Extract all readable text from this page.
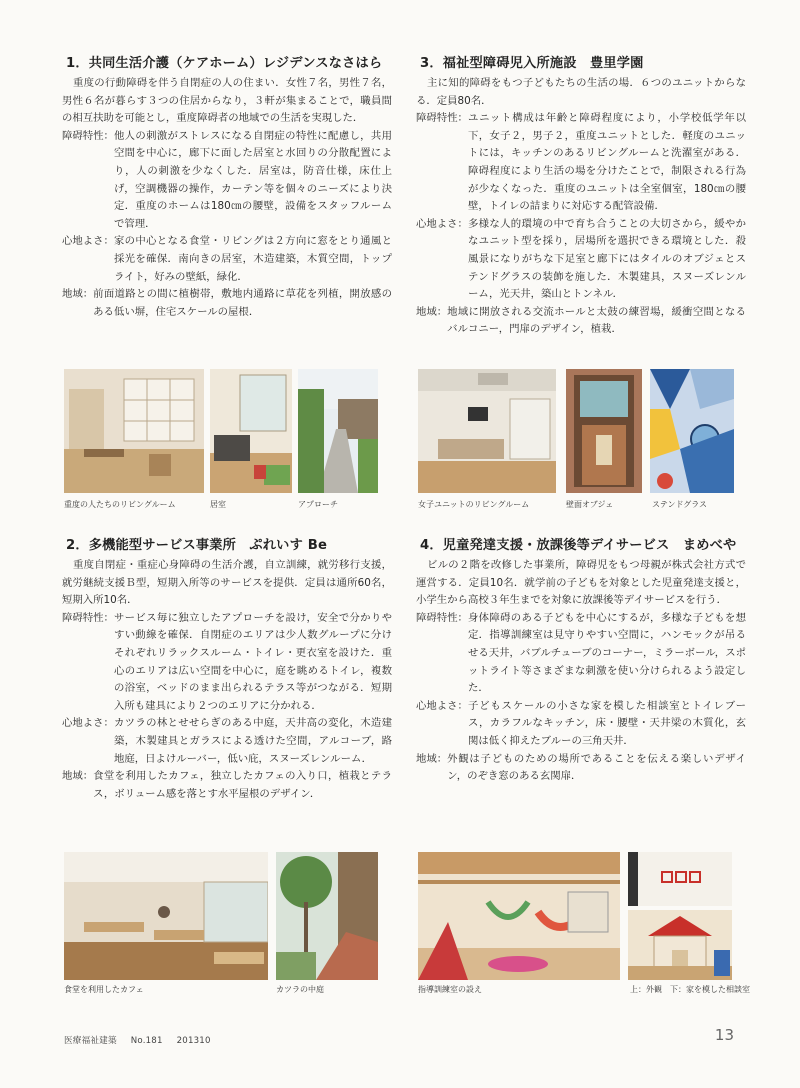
1．共同生活介護（ケアホーム）レジデンスなさはら

重度の行動障碍を伴う自閉症の人の住まい．女性７名，男性７名，男性６名が暮らす３つの住居からなり，３軒が集まることで，職員間の相互扶助を可能とし，重度障碍者の地域での生活を実現した．

障碍特性： 他人の刺激がストレスになる自閉症の特性に配慮し，共用空間を中心に，廊下に面した居室と水回りの分散配置により，人の刺激を少なくした．居室は，防音仕様，床仕上げ，空調機器の操作，カーテン等を個々のニーズにより決定．重度のホームは180㎝の腰壁，設備をスタッフルームで管理．
心地よさ： 家の中心となる食堂・リビングは２方向に窓をとり通風と採光を確保．南向きの居室，木造建築，木質空間，トップライト，好みの壁紙，緑化．
地域： 前面道路との間に植樹帯，敷地内通路に草花を列植，開放感のある低い塀，住宅スケールの屋根．
重度の人たちのリビングルーム	居室	アプローチ
2．多機能型サービス事業所　ぷれいす Be

重度自閉症・重症心身障碍の生活介護，自立訓練，就労移行支援，就労継続支援Ｂ型，短期入所等のサービスを提供．定員は通所60名，短期入所10名．

障碍特性： サービス毎に独立したアプローチを設け，安全で分かりやすい動線を確保．自閉症のエリアは少人数グループに分けそれぞれリラックスルーム・トイレ・更衣室を設けた．重心のエリアは広い空間を中心に，庭を眺めるトイレ，複数の浴室，ベッドのまま出られるテラス等がつながる．短期入所も建具により２つのエリアに分かれる．
心地よさ： カツラの林とせせらぎのある中庭，天井高の変化，木造建築，木製建具とガラスによる透けた空間，アルコーブ，路地庭，日よけルーバー，低い庇，スヌーズレンルーム．
地域： 食堂を利用したカフェ，独立したカフェの入り口，植栽とテラス，ボリューム感を落とす水平屋根のデザイン．
食堂を利用したカフェ	カツラの中庭
3．福祉型障碍児入所施設　豊里学園

主に知的障碍をもつ子どもたちの生活の場．６つのユニットからなる．定員80名．

障碍特性： ユニット構成は年齢と障碍程度により，小学校低学年以下，女子２，男子２，重度ユニットとした．軽度のユニットには，キッチンのあるリビングルームと洗濯室がある．障碍程度により生活の場を分けたことで，制限される行為が少なくなった．重度のユニットは全室個室，180㎝の腰壁，トイレの詰まりに対応する配管設備．
心地よさ： 多様な人的環境の中で育ち合うことの大切さから，緩やかなユニット型を採り，居場所を選択できる環境とした．殺風景になりがちな下足室と廊下にはタイルのオブジェとステンドグラスの装飾を施した．木製建具，スヌーズレンルーム，光天井，築山とトンネル．
地域： 地域に開放される交流ホールと太鼓の練習場，緩衝空間となるバルコニー，門扉のデザイン，植栽．
女子ユニットのリビングルーム	壁面オブジェ	ステンドグラス
4．児童発達支援・放課後等デイサービス　まめべや

ビルの２階を改修した事業所，障碍児をもつ母親が株式会社方式で運営する．定員10名．就学前の子どもを対象とした児童発達支援と，小学生から高校３年生までを対象に放課後等デイサービスを行う．

障碍特性： 身体障碍のある子どもを中心にするが，多様な子どもを想定．指導訓練室は見守りやすい空間に，ハンモックが吊るせる天井，バブルチューブのコーナー，ミラーボール，スポットライト等さまざまな刺激を使い分けられるよう設定した．
心地よさ： 子どもスケールの小さな家を模した相談室とトイレブース，カラフルなキッチン，床・腰壁・天井梁の木質化，玄関は低く抑えたブルーの三角天井．
地域： 外観は子どものための場所であることを伝える楽しいデザイン，のぞき窓のある玄関扉．
指導訓練室の設え	上：外観　下：家を模した相談室
医療福祉建築 No.181 201310	13
